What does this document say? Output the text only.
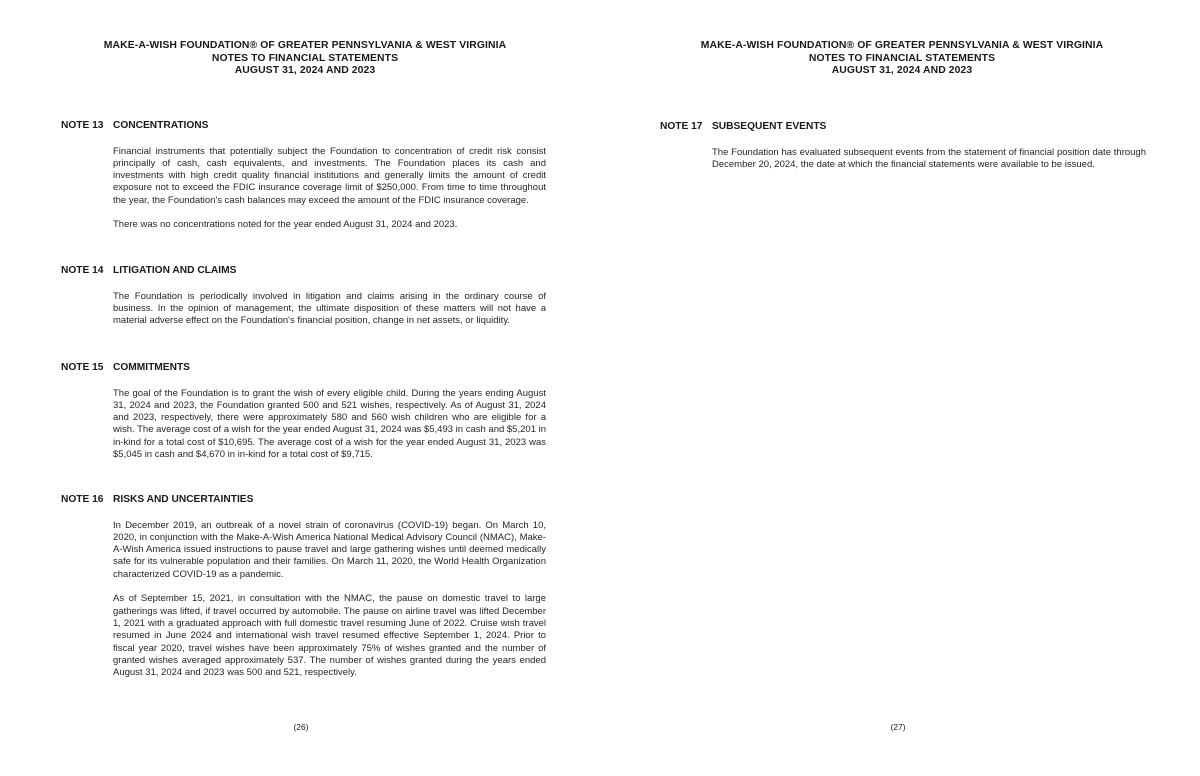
MAKE-A-WISH FOUNDATION® OF GREATER PENNSYLVANIA & WEST VIRGINIA
NOTES TO FINANCIAL STATEMENTS
AUGUST 31, 2024 AND 2023
NOTE 13 CONCENTRATIONS
Financial instruments that potentially subject the Foundation to concentration of credit risk consist principally of cash, cash equivalents, and investments. The Foundation places its cash and investments with high credit quality financial institutions and generally limits the amount of credit exposure not to exceed the FDIC insurance coverage limit of $250,000. From time to time throughout the year, the Foundation's cash balances may exceed the amount of the FDIC insurance coverage.
There was no concentrations noted for the year ended August 31, 2024 and 2023.
NOTE 14 LITIGATION AND CLAIMS
The Foundation is periodically involved in litigation and claims arising in the ordinary course of business. In the opinion of management, the ultimate disposition of these matters will not have a material adverse effect on the Foundation's financial position, change in net assets, or liquidity.
NOTE 15 COMMITMENTS
The goal of the Foundation is to grant the wish of every eligible child. During the years ending August 31, 2024 and 2023, the Foundation granted 500 and 521 wishes, respectively. As of August 31, 2024 and 2023, respectively, there were approximately 580 and 560 wish children who are eligible for a wish. The average cost of a wish for the year ended August 31, 2024 was $5,493 in cash and $5,201 in in-kind for a total cost of $10,695. The average cost of a wish for the year ended August 31, 2023 was $5,045 in cash and $4,670 in in-kind for a total cost of $9,715.
NOTE 16 RISKS AND UNCERTAINTIES
In December 2019, an outbreak of a novel strain of coronavirus (COVID-19) began. On March 10, 2020, in conjunction with the Make-A-Wish America National Medical Advisory Council (NMAC), Make-A-Wish America issued instructions to pause travel and large gathering wishes until deemed medically safe for its vulnerable population and their families. On March 11, 2020, the World Health Organization characterized COVID-19 as a pandemic.
As of September 15, 2021, in consultation with the NMAC, the pause on domestic travel to large gatherings was lifted, if travel occurred by automobile. The pause on airline travel was lifted December 1, 2021 with a graduated approach with full domestic travel resuming June of 2022. Cruise wish travel resumed in June 2024 and international wish travel resumed effective September 1, 2024. Prior to fiscal year 2020, travel wishes have been approximately 75% of wishes granted and the number of granted wishes averaged approximately 537. The number of wishes granted during the years ended August 31, 2024 and 2023 was 500 and 521, respectively.
(26)
MAKE-A-WISH FOUNDATION® OF GREATER PENNSYLVANIA & WEST VIRGINIA
NOTES TO FINANCIAL STATEMENTS
AUGUST 31, 2024 AND 2023
NOTE 17 SUBSEQUENT EVENTS
The Foundation has evaluated subsequent events from the statement of financial position date through December 20, 2024, the date at which the financial statements were available to be issued.
(27)
